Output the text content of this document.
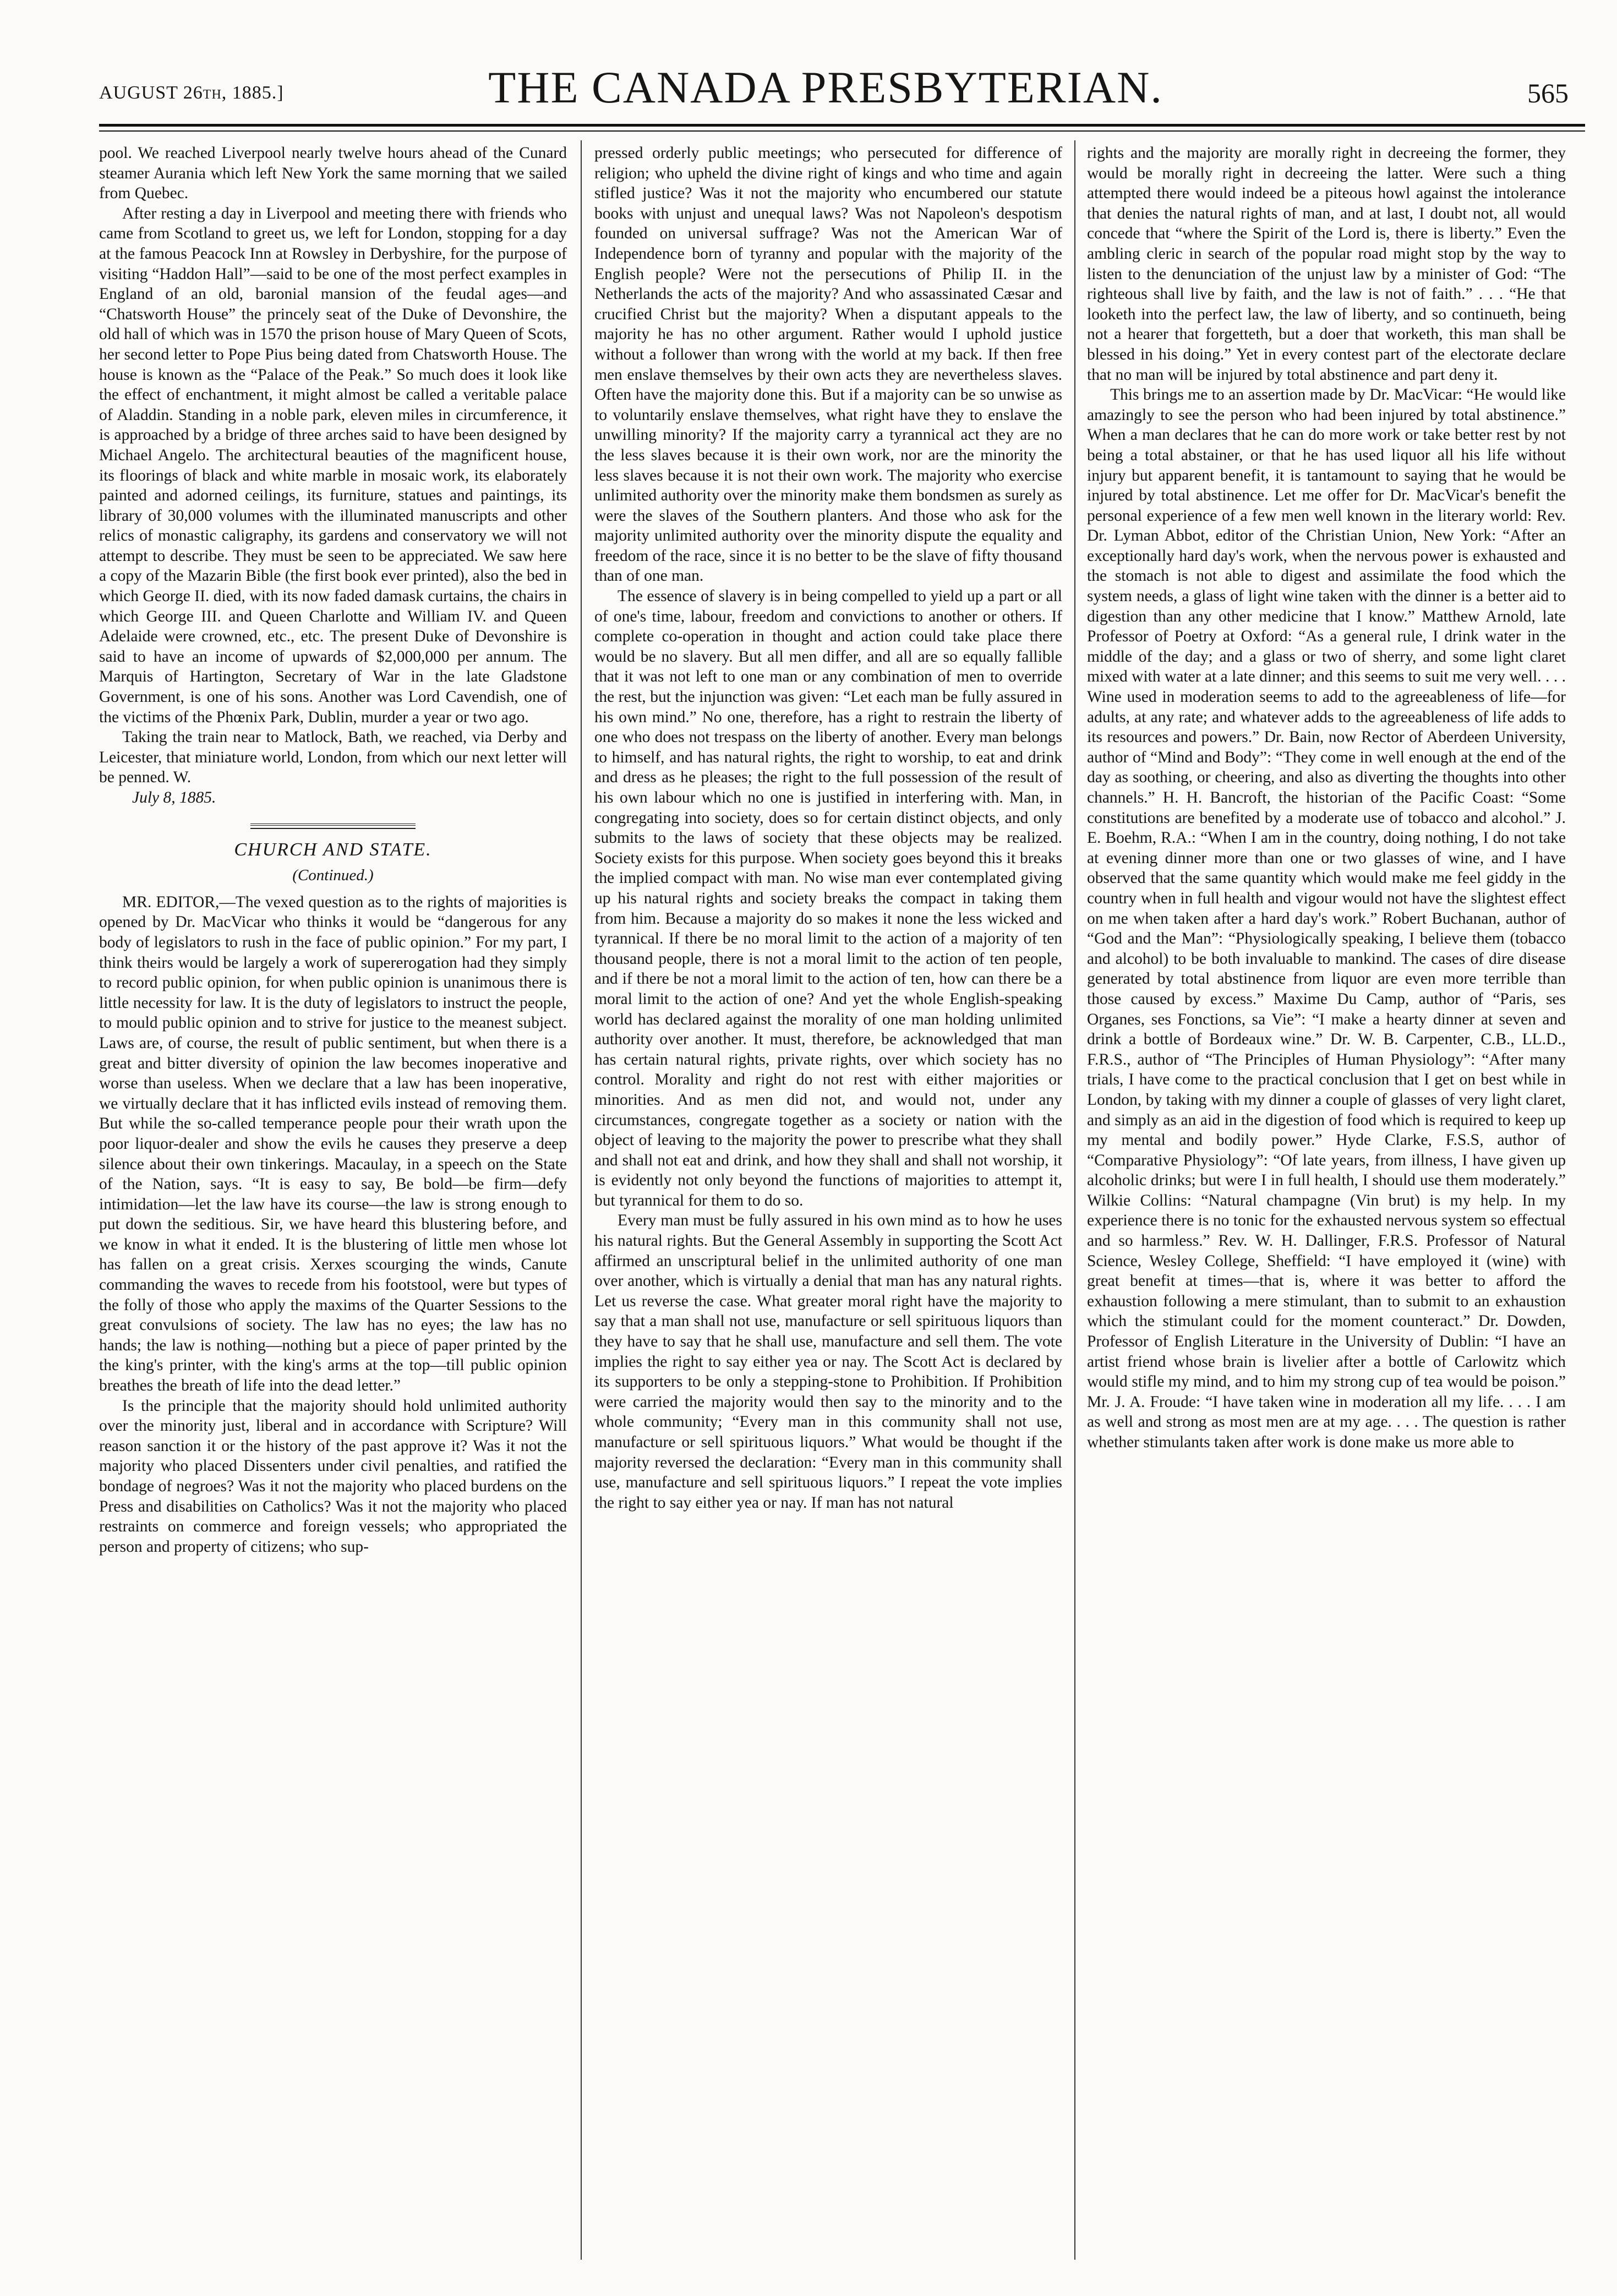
AUGUST 26th, 1885.]	THE CANADA PRESBYTERIAN.	565

pool. We reached Liverpool nearly twelve hours ahead of the Cunard steamer Aurania which left New York the same morning that we sailed from Quebec.

After resting a day in Liverpool and meeting there with friends who came from Scotland to greet us, we left for London, stopping for a day at the famous Peacock Inn at Rowsley in Derbyshire, for the purpose of visiting “Haddon Hall”—said to be one of the most perfect examples in England of an old, baronial mansion of the feudal ages—and “Chatsworth House” the princely seat of the Duke of Devonshire, the old hall of which was in 1570 the prison house of Mary Queen of Scots, her second letter to Pope Pius being dated from Chatsworth House. The house is known as the “Palace of the Peak.” So much does it look like the effect of enchantment, it might almost be called a veritable palace of Aladdin. Standing in a noble park, eleven miles in circumference, it is approached by a bridge of three arches said to have been designed by Michael Angelo. The architectural beauties of the magnificent house, its floorings of black and white marble in mosaic work, its elaborately painted and adorned ceilings, its furniture, statues and paintings, its library of 30,000 volumes with the illuminated manuscripts and other relics of monastic caligraphy, its gardens and conservatory we will not attempt to describe. They must be seen to be appreciated. We saw here a copy of the Mazarin Bible (the first book ever printed), also the bed in which George II. died, with its now faded damask curtains, the chairs in which George III. and Queen Charlotte and William IV. and Queen Adelaide were crowned, etc., etc. The present Duke of Devonshire is said to have an income of upwards of $2,000,000 per annum. The Marquis of Hartington, Secretary of War in the late Gladstone Government, is one of his sons. Another was Lord Cavendish, one of the victims of the Phœnix Park, Dublin, murder a year or two ago.

Taking the train near to Matlock, Bath, we reached, via Derby and Leicester, that miniature world, London, from which our next letter will be penned. W.

July 8, 1885.

CHURCH AND STATE.
(Continued.)

MR. EDITOR,—The vexed question as to the rights of majorities is opened by Dr. MacVicar who thinks it would be “dangerous for any body of legislators to rush in the face of public opinion.” For my part, I think theirs would be largely a work of supererogation had they simply to record public opinion, for when public opinion is unanimous there is little necessity for law. It is the duty of legislators to instruct the people, to mould public opinion and to strive for justice to the meanest subject. Laws are, of course, the result of public sentiment, but when there is a great and bitter diversity of opinion the law becomes inoperative and worse than useless. When we declare that a law has been inoperative, we virtually declare that it has inflicted evils instead of removing them. But while the so-called temperance people pour their wrath upon the poor liquor-dealer and show the evils he causes they preserve a deep silence about their own tinkerings. Macaulay, in a speech on the State of the Nation, says. “It is easy to say, Be bold—be firm—defy intimidation—let the law have its course—the law is strong enough to put down the seditious. Sir, we have heard this blustering before, and we know in what it ended. It is the blustering of little men whose lot has fallen on a great crisis. Xerxes scourging the winds, Canute commanding the waves to recede from his footstool, were but types of the folly of those who apply the maxims of the Quarter Sessions to the great convulsions of society. The law has no eyes; the law has no hands; the law is nothing—nothing but a piece of paper printed by the the king's printer, with the king's arms at the top—till public opinion breathes the breath of life into the dead letter.”

Is the principle that the majority should hold unlimited authority over the minority just, liberal and in accordance with Scripture? Will reason sanction it or the history of the past approve it? Was it not the majority who placed Dissenters under civil penalties, and ratified the bondage of negroes? Was it not the majority who placed burdens on the Press and disabilities on Catholics? Was it not the majority who placed restraints on commerce and foreign vessels; who appropriated the person and property of citizens; who sup-

pressed orderly public meetings; who persecuted for difference of religion; who upheld the divine right of kings and who time and again stifled justice? Was it not the majority who encumbered our statute books with unjust and unequal laws? Was not Napoleon's despotism founded on universal suffrage? Was not the American War of Independence born of tyranny and popular with the majority of the English people? Were not the persecutions of Philip II. in the Netherlands the acts of the majority? And who assassinated Cæsar and crucified Christ but the majority? When a disputant appeals to the majority he has no other argument. Rather would I uphold justice without a follower than wrong with the world at my back. If then free men enslave themselves by their own acts they are nevertheless slaves. Often have the majority done this. But if a majority can be so unwise as to voluntarily enslave themselves, what right have they to enslave the unwilling minority? If the majority carry a tyrannical act they are no the less slaves because it is their own work, nor are the minority the less slaves because it is not their own work. The majority who exercise unlimited authority over the minority make them bondsmen as surely as were the slaves of the Southern planters. And those who ask for the majority unlimited authority over the minority dispute the equality and freedom of the race, since it is no better to be the slave of fifty thousand than of one man.

The essence of slavery is in being compelled to yield up a part or all of one's time, labour, freedom and convictions to another or others. If complete co-operation in thought and action could take place there would be no slavery. But all men differ, and all are so equally fallible that it was not left to one man or any combination of men to override the rest, but the injunction was given: “Let each man be fully assured in his own mind.” No one, therefore, has a right to restrain the liberty of one who does not trespass on the liberty of another. Every man belongs to himself, and has natural rights, the right to worship, to eat and drink and dress as he pleases; the right to the full possession of the result of his own labour which no one is justified in interfering with. Man, in congregating into society, does so for certain distinct objects, and only submits to the laws of society that these objects may be realized. Society exists for this purpose. When society goes beyond this it breaks the implied compact with man. No wise man ever contemplated giving up his natural rights and society breaks the compact in taking them from him. Because a majority do so makes it none the less wicked and tyrannical. If there be no moral limit to the action of a majority of ten thousand people, there is not a moral limit to the action of ten people, and if there be not a moral limit to the action of ten, how can there be a moral limit to the action of one? And yet the whole English-speaking world has declared against the morality of one man holding unlimited authority over another. It must, therefore, be acknowledged that man has certain natural rights, private rights, over which society has no control. Morality and right do not rest with either majorities or minorities. And as men did not, and would not, under any circumstances, congregate together as a society or nation with the object of leaving to the majority the power to prescribe what they shall and shall not eat and drink, and how they shall and shall not worship, it is evidently not only beyond the functions of majorities to attempt it, but tyrannical for them to do so.

Every man must be fully assured in his own mind as to how he uses his natural rights. But the General Assembly in supporting the Scott Act affirmed an unscriptural belief in the unlimited authority of one man over another, which is virtually a denial that man has any natural rights. Let us reverse the case. What greater moral right have the majority to say that a man shall not use, manufacture or sell spirituous liquors than they have to say that he shall use, manufacture and sell them. The vote implies the right to say either yea or nay. The Scott Act is declared by its supporters to be only a stepping-stone to Prohibition. If Prohibition were carried the majority would then say to the minority and to the whole community; “Every man in this community shall not use, manufacture or sell spirituous liquors.” What would be thought if the majority reversed the declaration: “Every man in this community shall use, manufacture and sell spirituous liquors.” I repeat the vote implies the right to say either yea or nay. If man has not natural

rights and the majority are morally right in decreeing the former, they would be morally right in decreeing the latter. Were such a thing attempted there would indeed be a piteous howl against the intolerance that denies the natural rights of man, and at last, I doubt not, all would concede that “where the Spirit of the Lord is, there is liberty.” Even the ambling cleric in search of the popular road might stop by the way to listen to the denunciation of the unjust law by a minister of God: “The righteous shall live by faith, and the law is not of faith.” . . . “He that looketh into the perfect law, the law of liberty, and so continueth, being not a hearer that forgetteth, but a doer that worketh, this man shall be blessed in his doing.” Yet in every contest part of the electorate declare that no man will be injured by total abstinence and part deny it.

This brings me to an assertion made by Dr. MacVicar: “He would like amazingly to see the person who had been injured by total abstinence.” When a man declares that he can do more work or take better rest by not being a total abstainer, or that he has used liquor all his life without injury but apparent benefit, it is tantamount to saying that he would be injured by total abstinence. Let me offer for Dr. MacVicar's benefit the personal experience of a few men well known in the literary world: Rev. Dr. Lyman Abbot, editor of the Christian Union, New York: “After an exceptionally hard day's work, when the nervous power is exhausted and the stomach is not able to digest and assimilate the food which the system needs, a glass of light wine taken with the dinner is a better aid to digestion than any other medicine that I know.” Matthew Arnold, late Professor of Poetry at Oxford: “As a general rule, I drink water in the middle of the day; and a glass or two of sherry, and some light claret mixed with water at a late dinner; and this seems to suit me very well. . . . Wine used in moderation seems to add to the agreeableness of life—for adults, at any rate; and whatever adds to the agreeableness of life adds to its resources and powers.” Dr. Bain, now Rector of Aberdeen University, author of “Mind and Body”: “They come in well enough at the end of the day as soothing, or cheering, and also as diverting the thoughts into other channels.” H. H. Bancroft, the historian of the Pacific Coast: “Some constitutions are benefited by a moderate use of tobacco and alcohol.” J. E. Boehm, R.A.: “When I am in the country, doing nothing, I do not take at evening dinner more than one or two glasses of wine, and I have observed that the same quantity which would make me feel giddy in the country when in full health and vigour would not have the slightest effect on me when taken after a hard day's work.” Robert Buchanan, author of “God and the Man”: “Physiologically speaking, I believe them (tobacco and alcohol) to be both invaluable to mankind. The cases of dire disease generated by total abstinence from liquor are even more terrible than those caused by excess.” Maxime Du Camp, author of “Paris, ses Organes, ses Fonctions, sa Vie”: “I make a hearty dinner at seven and drink a bottle of Bordeaux wine.” Dr. W. B. Carpenter, C.B., LL.D., F.R.S., author of “The Principles of Human Physiology”: “After many trials, I have come to the practical conclusion that I get on best while in London, by taking with my dinner a couple of glasses of very light claret, and simply as an aid in the digestion of food which is required to keep up my mental and bodily power.” Hyde Clarke, F.S.S, author of “Comparative Physiology”: “Of late years, from illness, I have given up alcoholic drinks; but were I in full health, I should use them moderately.” Wilkie Collins: “Natural champagne (Vin brut) is my help. In my experience there is no tonic for the exhausted nervous system so effectual and so harmless.” Rev. W. H. Dallinger, F.R.S. Professor of Natural Science, Wesley College, Sheffield: “I have employed it (wine) with great benefit at times—that is, where it was better to afford the exhaustion following a mere stimulant, than to submit to an exhaustion which the stimulant could for the moment counteract.” Dr. Dowden, Professor of English Literature in the University of Dublin: “I have an artist friend whose brain is livelier after a bottle of Carlowitz which would stifle my mind, and to him my strong cup of tea would be poison.” Mr. J. A. Froude: “I have taken wine in moderation all my life. . . . I am as well and strong as most men are at my age. . . . The question is rather whether stimulants taken after work is done make us more able to
